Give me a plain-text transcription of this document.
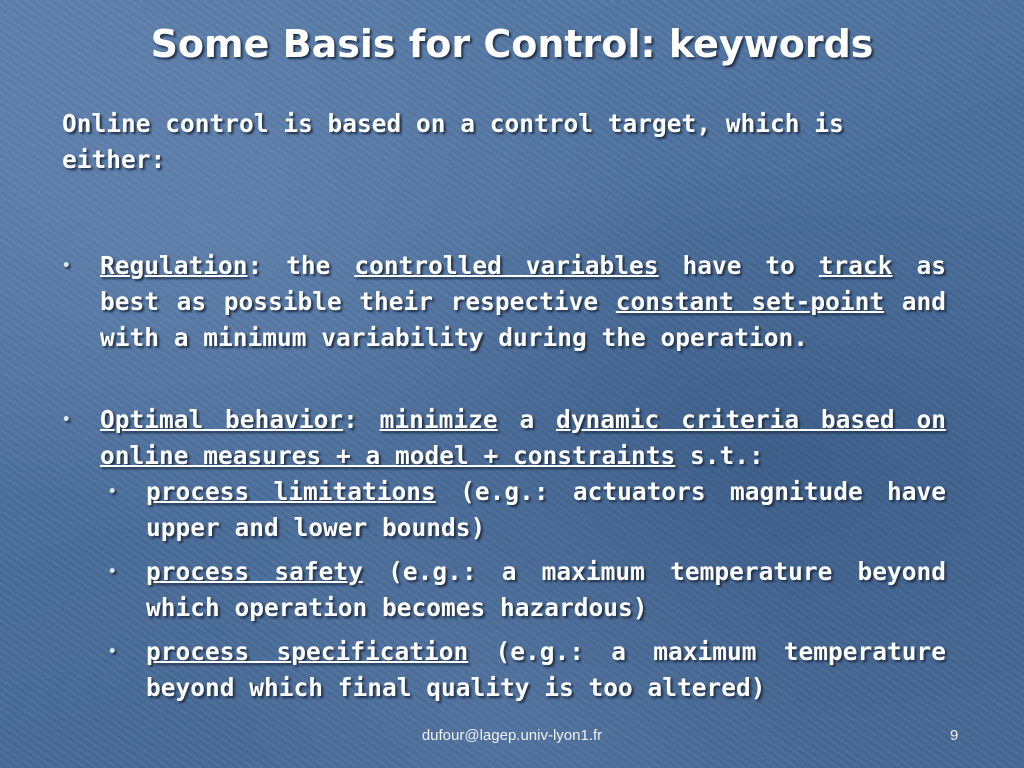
Some Basis for Control: keywords

Online control is based on a control target, which is either:

• Regulation: the controlled variables have to track as best as possible their respective constant set-point and with a minimum variability during the operation.
• Optimal behavior: minimize a dynamic criteria based on online measures + a model + constraints s.t.:
• process limitations (e.g.: actuators magnitude have upper and lower bounds)
• process safety (e.g.: a maximum temperature beyond which operation becomes hazardous)
• process specification (e.g.: a maximum temperature beyond which final quality is too altered)
dufour@lagep.univ-lyon1.fr	9
